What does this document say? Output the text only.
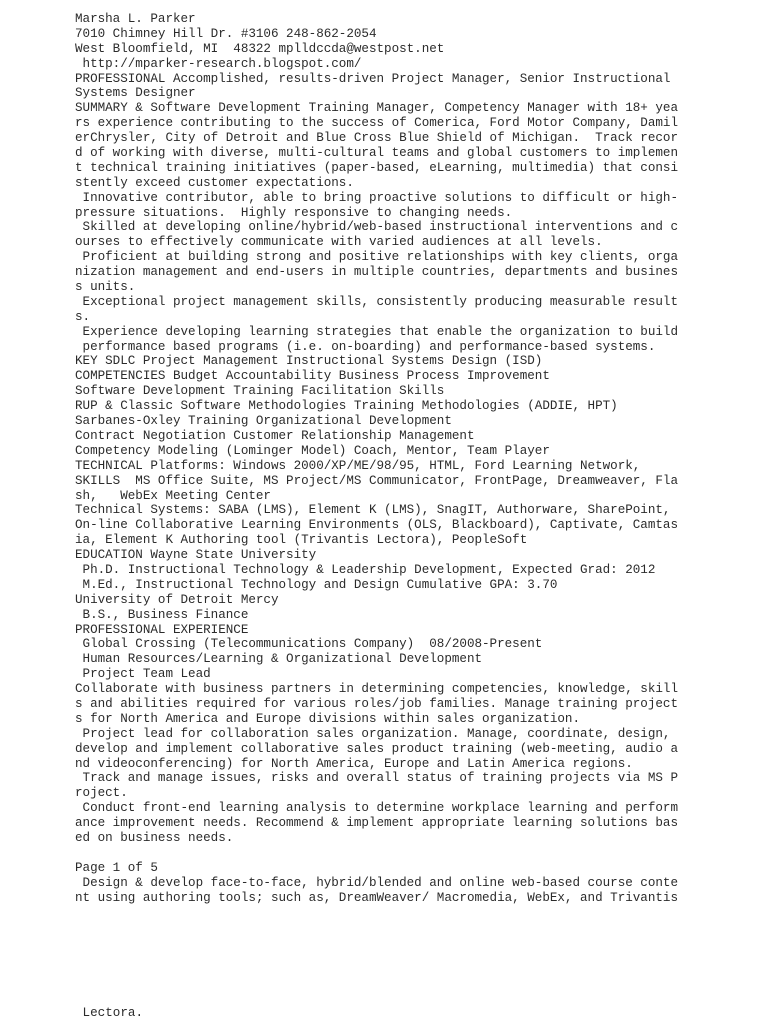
Marsha L. Parker
7010 Chimney Hill Dr. #3106 248-862-2054
West Bloomfield, MI  48322 mplldccda@westpost.net
http://mparker-research.blogspot.com/
PROFESSIONAL Accomplished, results-driven Project Manager, Senior Instructional
Systems Designer
SUMMARY & Software Development Training Manager, Competency Manager with 18+ yea
rs experience contributing to the success of Comerica, Ford Motor Company, Damil
erChrysler, City of Detroit and Blue Cross Blue Shield of Michigan.  Track recor
d of working with diverse, multi-cultural teams and global customers to implemen
t technical training initiatives (paper-based, eLearning, multimedia) that consi
stently exceed customer expectations.
Innovative contributor, able to bring proactive solutions to difficult or high-
pressure situations.  Highly responsive to changing needs.
Skilled at developing online/hybrid/web-based instructional interventions and c
ourses to effectively communicate with varied audiences at all levels.
Proficient at building strong and positive relationships with key clients, orga
nization management and end-users in multiple countries, departments and busines
s units.
Exceptional project management skills, consistently producing measurable result
s.
Experience developing learning strategies that enable the organization to build
performance based programs (i.e. on-boarding) and performance-based systems.
KEY SDLC Project Management Instructional Systems Design (ISD)
COMPETENCIES Budget Accountability Business Process Improvement
Software Development Training Facilitation Skills
RUP & Classic Software Methodologies Training Methodologies (ADDIE, HPT)
Sarbanes-Oxley Training Organizational Development
Contract Negotiation Customer Relationship Management
Competency Modeling (Lominger Model) Coach, Mentor, Team Player
TECHNICAL Platforms: Windows 2000/XP/ME/98/95, HTML, Ford Learning Network,
SKILLS  MS Office Suite, MS Project/MS Communicator, FrontPage, Dreamweaver, Fla
sh,   WebEx Meeting Center
Technical Systems: SABA (LMS), Element K (LMS), SnagIT, Authorware, SharePoint,
On-line Collaborative Learning Environments (OLS, Blackboard), Captivate, Camtas
ia, Element K Authoring tool (Trivantis Lectora), PeopleSoft
EDUCATION Wayne State University
Ph.D. Instructional Technology & Leadership Development, Expected Grad: 2012
M.Ed., Instructional Technology and Design Cumulative GPA: 3.70
University of Detroit Mercy
B.S., Business Finance
PROFESSIONAL EXPERIENCE
Global Crossing (Telecommunications Company)  08/2008-Present
Human Resources/Learning & Organizational Development
Project Team Lead
Collaborate with business partners in determining competencies, knowledge, skill
s and abilities required for various roles/job families. Manage training project
s for North America and Europe divisions within sales organization.
Project lead for collaboration sales organization. Manage, coordinate, design,
develop and implement collaborative sales product training (web-meeting, audio a
nd videoconferencing) for North America, Europe and Latin America regions.
Track and manage issues, risks and overall status of training projects via MS P
roject.
Conduct front-end learning analysis to determine workplace learning and perform
ance improvement needs. Recommend & implement appropriate learning solutions bas
ed on business needs.
Page 1 of 5
Design & develop face-to-face, hybrid/blended and online web-based course conte
nt using authoring tools; such as, DreamWeaver/ Macromedia, WebEx, and Trivantis
Lectora.
